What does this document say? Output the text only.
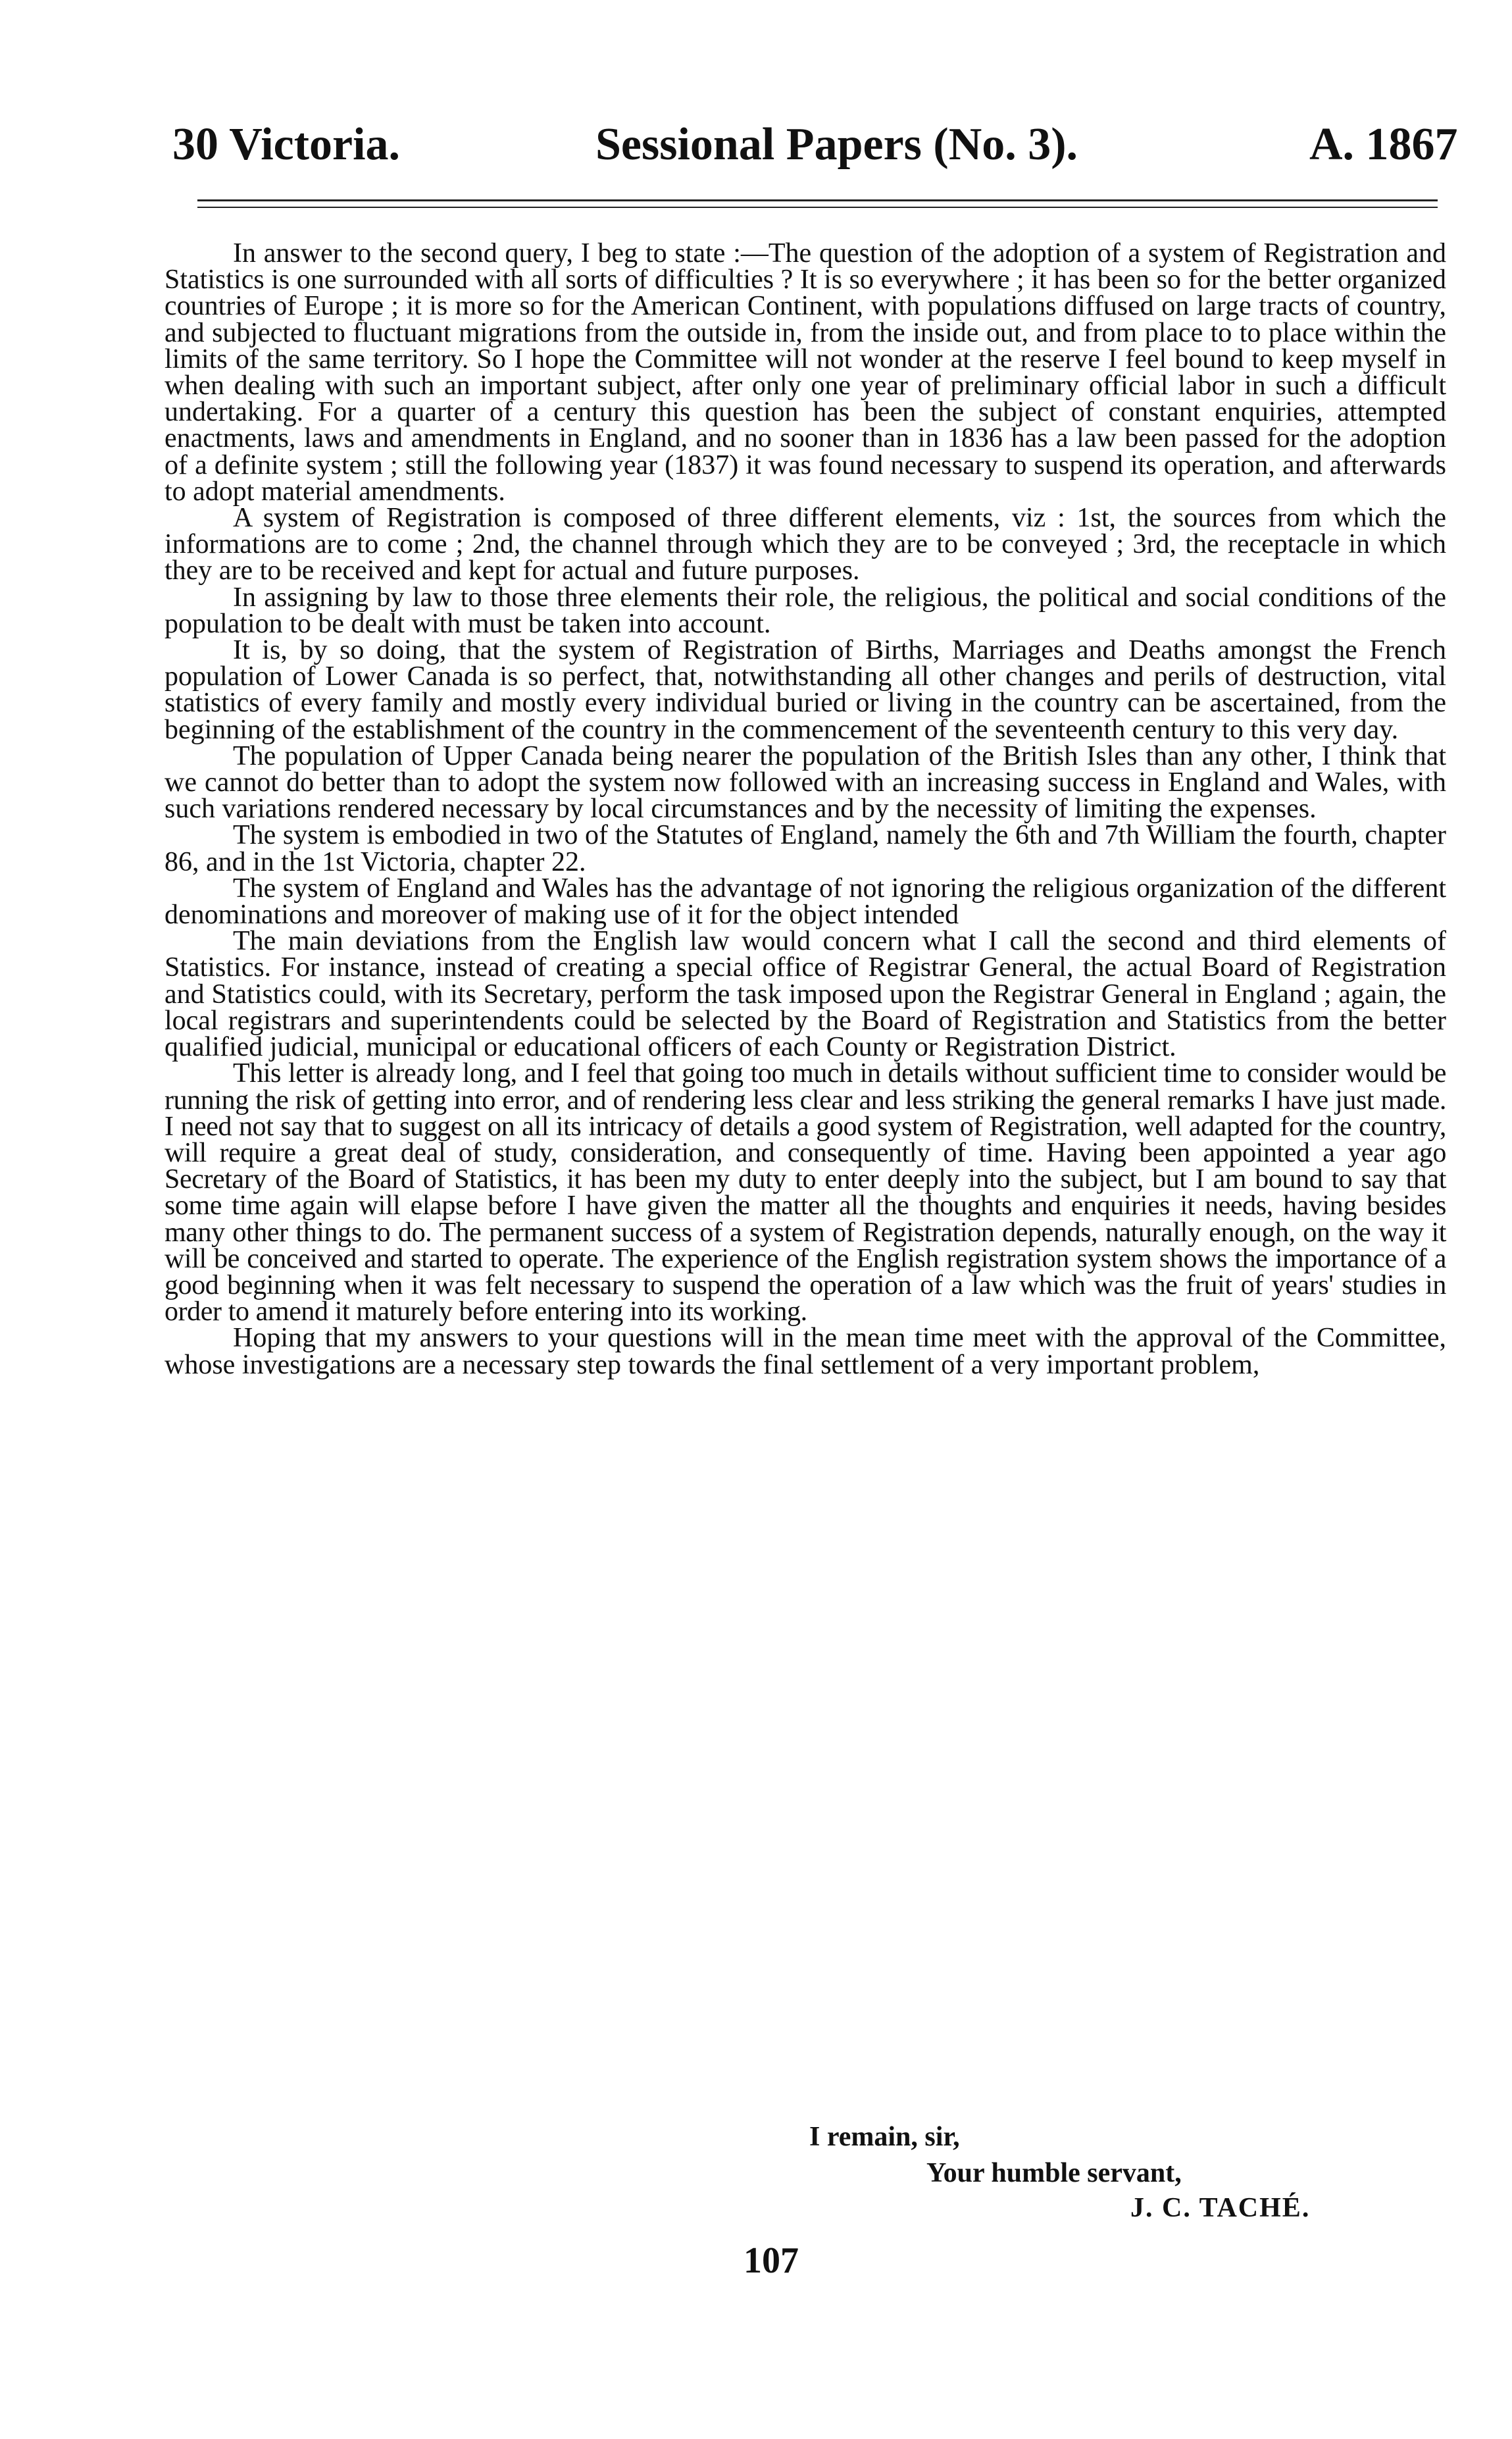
30 Victoria.	Sessional Papers (No. 3).	A. 1867

In answer to the second query, I beg to state :—The question of the adoption of a system of Registration and Statistics is one surrounded with all sorts of difficulties ? It is so everywhere ; it has been so for the better organized countries of Europe ; it is more so for the American Continent, with populations diffused on large tracts of country, and subjected to fluctuant migrations from the outside in, from the inside out, and from place to to place within the limits of the same territory. So I hope the Committee will not wonder at the reserve I feel bound to keep myself in when dealing with such an important subject, after only one year of preliminary official labor in such a difficult undertaking. For a quarter of a century this question has been the subject of constant enquiries, attempted enactments, laws and amendments in England, and no sooner than in 1836 has a law been passed for the adoption of a definite system ; still the following year (1837) it was found necessary to suspend its operation, and afterwards to adopt material amendments.

A system of Registration is composed of three different elements, viz : 1st, the sources from which the informations are to come ; 2nd, the channel through which they are to be conveyed ; 3rd, the receptacle in which they are to be received and kept for actual and future purposes.

In assigning by law to those three elements their role, the religious, the political and social conditions of the population to be dealt with must be taken into account.

It is, by so doing, that the system of Registration of Births, Marriages and Deaths amongst the French population of Lower Canada is so perfect, that, notwithstanding all other changes and perils of destruction, vital statistics of every family and mostly every individual buried or living in the country can be ascertained, from the beginning of the establishment of the country in the commencement of the seventeenth century to this very day.

The population of Upper Canada being nearer the population of the British Isles than any other, I think that we cannot do better than to adopt the system now followed with an increasing success in England and Wales, with such variations rendered necessary by local circumstances and by the necessity of limiting the expenses.

The system is embodied in two of the Statutes of England, namely the 6th and 7th William the fourth, chapter 86, and in the 1st Victoria, chapter 22.

The system of England and Wales has the advantage of not ignoring the religious organization of the different denominations and moreover of making use of it for the object intended

The main deviations from the English law would concern what I call the second and third elements of Statistics. For instance, instead of creating a special office of Registrar General, the actual Board of Registration and Statistics could, with its Secretary, perform the task imposed upon the Registrar General in England ; again, the local registrars and superintendents could be selected by the Board of Registration and Statistics from the better qualified judicial, municipal or educational officers of each County or Registration District.

This letter is already long, and I feel that going too much in details without sufficient time to consider would be running the risk of getting into error, and of rendering less clear and less striking the general remarks I have just made. I need not say that to suggest on all its intricacy of details a good system of Registration, well adapted for the country, will require a great deal of study, consideration, and consequently of time. Having been appointed a year ago Secretary of the Board of Statistics, it has been my duty to enter deeply into the subject, but I am bound to say that some time again will elapse before I have given the matter all the thoughts and enquiries it needs, having besides many other things to do. The permanent success of a system of Registration depends, naturally enough, on the way it will be conceived and started to operate. The experience of the English registration system shows the importance of a good beginning when it was felt necessary to suspend the operation of a law which was the fruit of years' studies in order to amend it maturely before entering into its working.

Hoping that my answers to your questions will in the mean time meet with the approval of the Committee, whose investigations are a necessary step towards the final settlement of a very important problem,

I remain, sir,
Your humble servant,
J. C. TACHÉ.
107
